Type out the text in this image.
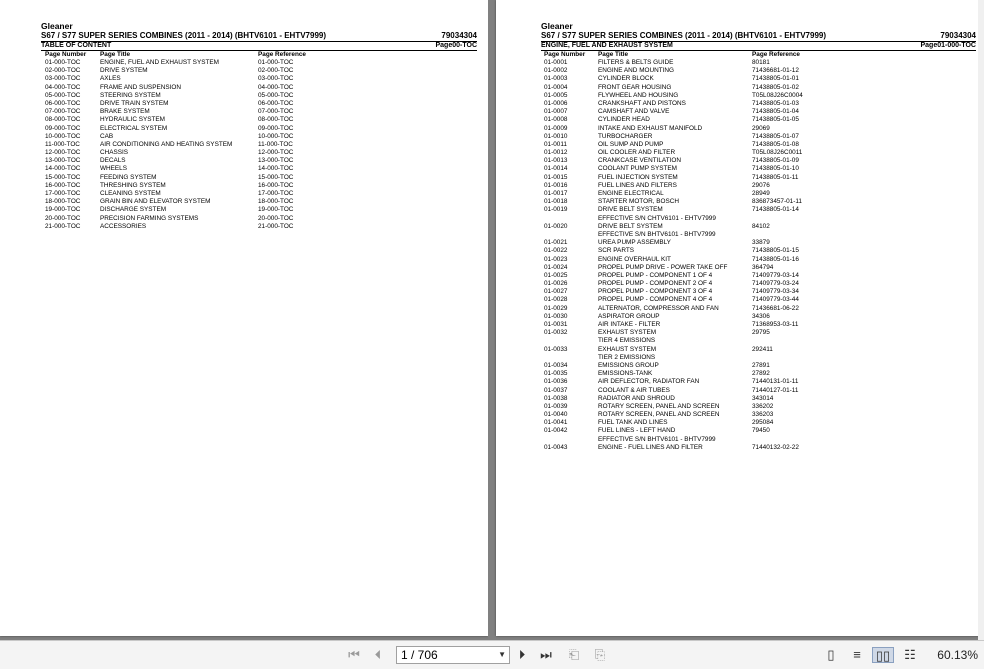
Gleaner
S67 / S77 SUPER SERIES COMBINES (2011 - 2014) (BHTV6101 - EHTV7999)	79034304
TABLE OF CONTENT	Page00-TOC
Page Number Page Title	Page Reference
01-000-TOC	ENGINE, FUEL AND EXHAUST SYSTEM	01-000-TOC
02-000-TOC	DRIVE SYSTEM	02-000-TOC
03-000-TOC	AXLES	03-000-TOC
04-000-TOC	FRAME AND SUSPENSION	04-000-TOC
05-000-TOC	STEERING SYSTEM	05-000-TOC
06-000-TOC	DRIVE TRAIN SYSTEM	06-000-TOC
07-000-TOC	BRAKE SYSTEM	07-000-TOC
08-000-TOC	HYDRAULIC SYSTEM	08-000-TOC
09-000-TOC	ELECTRICAL SYSTEM	09-000-TOC
10-000-TOC	CAB	10-000-TOC
11-000-TOC	AIR CONDITIONING AND HEATING SYSTEM	11-000-TOC
12-000-TOC	CHASSIS	12-000-TOC
13-000-TOC	DECALS	13-000-TOC
14-000-TOC	WHEELS	14-000-TOC
15-000-TOC	FEEDING SYSTEM	15-000-TOC
16-000-TOC	THRESHING SYSTEM	16-000-TOC
17-000-TOC	CLEANING SYSTEM	17-000-TOC
18-000-TOC	GRAIN BIN AND ELEVATOR SYSTEM	18-000-TOC
19-000-TOC	DISCHARGE SYSTEM	19-000-TOC
20-000-TOC	PRECISION FARMING SYSTEMS	20-000-TOC
21-000-TOC	ACCESSORIES	21-000-TOC
Gleaner
S67 / S77 SUPER SERIES COMBINES (2011 - 2014) (BHTV6101 - EHTV7999)	79034304
ENGINE, FUEL AND EXHAUST SYSTEM	Page01-000-TOC
Page Number Page Title	Page Reference
01-0001	FILTERS & BELTS GUIDE	80181
01-0002	ENGINE AND MOUNTING	71436681-01-12
01-0003	CYLINDER BLOCK	71438805-01-01
01-0004	FRONT GEAR HOUSING	71438805-01-02
01-0005	FLYWHEEL AND HOUSING	T05L08J26C0004
01-0006	CRANKSHAFT AND PISTONS	71438805-01-03
01-0007	CAMSHAFT AND VALVE	71438805-01-04
01-0008	CYLINDER HEAD	71438805-01-05
01-0009	INTAKE AND EXHAUST MANIFOLD	29069
01-0010	TURBOCHARGER	71438805-01-07
01-0011	OIL SUMP AND PUMP	71438805-01-08
01-0012	OIL COOLER AND FILTER	T05L08J26C0011
01-0013	CRANKCASE VENTILATION	71438805-01-09
01-0014	COOLANT PUMP SYSTEM	71438805-01-10
01-0015	FUEL INJECTION SYSTEM	71438805-01-11
01-0016	FUEL LINES AND FILTERS	29076
01-0017	ENGINE ELECTRICAL	28949
01-0018	STARTER MOTOR, BOSCH	836873457-01-11
01-0019	DRIVE BELT SYSTEM	71438805-01-14
EFFECTIVE S/N CHTV6101 - EHTV7999
01-0020	DRIVE BELT SYSTEM	84102
EFFECTIVE S/N BHTV6101 - BHTV7999
01-0021	UREA PUMP ASSEMBLY	33879
01-0022	SCR PARTS	71438805-01-15
01-0023	ENGINE OVERHAUL KIT	71438805-01-16
01-0024	PROPEL PUMP DRIVE - POWER TAKE OFF	364794
01-0025	PROPEL PUMP - COMPONENT 1 OF 4	71409779-03-14
01-0026	PROPEL PUMP - COMPONENT 2 OF 4	71409779-03-24
01-0027	PROPEL PUMP - COMPONENT 3 OF 4	71409779-03-34
01-0028	PROPEL PUMP - COMPONENT 4 OF 4	71409779-03-44
01-0029	ALTERNATOR, COMPRESSOR AND FAN	71436681-06-22
01-0030	ASPIRATOR GROUP	34306
01-0031	AIR INTAKE - FILTER	71368953-03-11
01-0032	EXHAUST SYSTEM	29795
TIER 4 EMISSIONS
01-0033	EXHAUST SYSTEM	292411
TIER 2 EMISSIONS
01-0034	EMISSIONS GROUP	27891
01-0035	EMISSIONS-TANK	27892
01-0036	AIR DEFLECTOR, RADIATOR FAN	71440131-01-11
01-0037	COOLANT & AIR TUBES	71440127-01-11
01-0038	RADIATOR AND SHROUD	343014
01-0039	ROTARY SCREEN, PANEL AND SCREEN	336202
01-0040	ROTARY SCREEN, PANEL AND SCREEN	336203
01-0041	FUEL TANK AND LINES	295084
01-0042	FUEL LINES - LEFT HAND	79450
EFFECTIVE S/N BHTV6101 - BHTV7999
01-0043	ENGINE - FUEL LINES AND FILTER	71440132-02-22
⏮	⏴	1 / 706	▼ ⏵	⏭	⎗	⎘	▯	≡	▯▯	☷	60.13%
